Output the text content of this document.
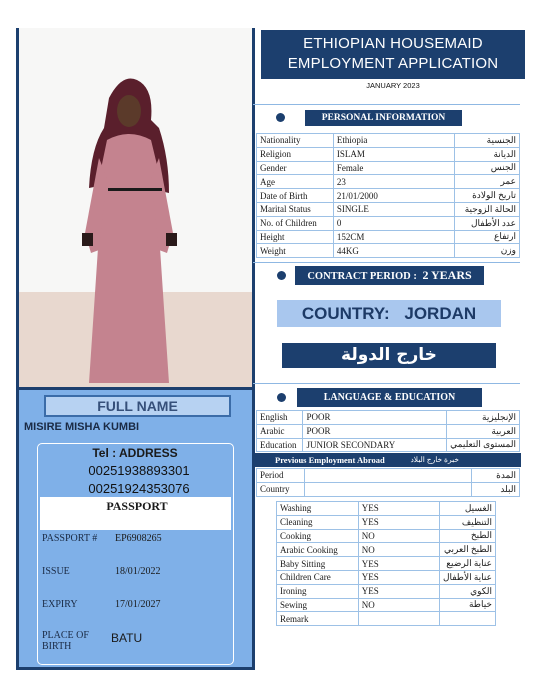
FULL NAME
MISIRE MISHA KUMBI
Tel : ADDRESS
00251938893301
00251924353076
PASSPORT
PASSPORT # EP6908265
ISSUE	18/01/2022
EXPIRY	17/01/2027
PLACE OF
BIRTH
BATU
ETHIOPIAN HOUSEMAID
EMPLOYMENT APPLICATION
JANUARY 2023
PERSONAL INFORMATION
Nationality	Ethiopia	الجنسية
Religion	ISLAM	الديانة
Gender	Female	الجنس
Age	23	عمر
Date of Birth	21/01/2000	تاريخ الولادة
Marital Status	SINGLE	الحالة الزوجية
No. of Children	0	عدد الأطفال
Height	152CM	ارتفاع
Weight	44KG	وزن
CONTRACT PERIOD : 2 YEARS
COUNTRY: JORDAN
خارج الدولة
LANGUAGE & EDUCATION
English	POOR	الإنجليزية
Arabic	POOR	العربية
Education	JUNIOR SECONDARY	المستوى التعليمي
Previous Employment Abroad	خبرة خارج البلاد
Period		المدة
Country		البلد
Washing	YES	الغسيل
Cleaning	YES	التنظيف
Cooking	NO	الطبخ
Arabic Cooking	NO	الطبخ العربي
Baby Sitting	YES	عناية الرضيع
Children Care	YES	عناية الأطفال
Ironing	YES	الكوي
Sewing	NO	خياطة
Remark		
